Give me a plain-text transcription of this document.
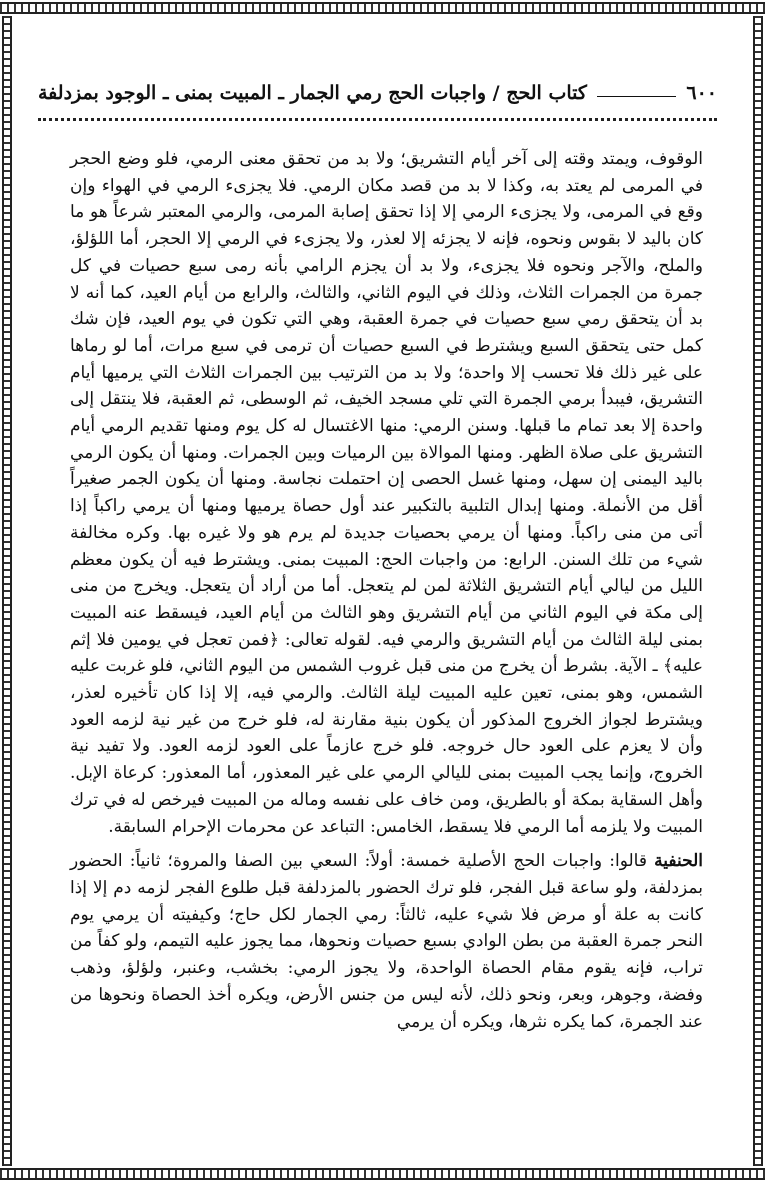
٦٠٠
كتاب الحج / واجبات الحج رمي الجمار ـ المبيت بمنى ـ الوجود بمزدلفة

الوقوف، ويمتد وقته إلى آخر أيام التشريق؛ ولا بد من تحقق معنى الرمي، فلو وضع الحجر في المرمى لم يعتد به، وكذا لا بد من قصد مكان الرمي. فلا يجزىء الرمي في الهواء وإن وقع في المرمى، ولا يجزىء الرمي إلا إذا تحقق إصابة المرمى، والرمي المعتبر شرعاً هو ما كان باليد لا بقوس ونحوه، فإنه لا يجزئه إلا لعذر، ولا يجزىء في الرمي إلا الحجر، أما اللؤلؤ، والملح، والآجر ونحوه فلا يجزىء، ولا بد أن يجزم الرامي بأنه رمى سبع حصيات في كل جمرة من الجمرات الثلاث، وذلك في اليوم الثاني، والثالث، والرابع من أيام العيد، كما أنه لا بد أن يتحقق رمي سبع حصيات في جمرة العقبة، وهي التي تكون في يوم العيد، فإن شك كمل حتى يتحقق السبع ويشترط في السبع حصيات أن ترمى في سبع مرات، أما لو رماها على غير ذلك فلا تحسب إلا واحدة؛ ولا بد من الترتيب بين الجمرات الثلاث التي يرميها أيام التشريق، فيبدأ برمي الجمرة التي تلي مسجد الخيف، ثم الوسطى، ثم العقبة، فلا ينتقل إلى واحدة إلا بعد تمام ما قبلها. وسنن الرمي: منها الاغتسال له كل يوم ومنها تقديم الرمي أيام التشريق على صلاة الظهر. ومنها الموالاة بين الرميات وبين الجمرات. ومنها أن يكون الرمي باليد اليمنى إن سهل، ومنها غسل الحصى إن احتملت نجاسة. ومنها أن يكون الجمر صغيراً أقل من الأنملة. ومنها إبدال التلبية بالتكبير عند أول حصاة يرميها ومنها أن يرمي راكباً إذا أتى من منى راكباً. ومنها أن يرمي بحصيات جديدة لم يرم هو ولا غيره بها. وكره مخالفة شيء من تلك السنن. الرابع: من واجبات الحج: المبيت بمنى. ويشترط فيه أن يكون معظم الليل من ليالي أيام التشريق الثلاثة لمن لم يتعجل. أما من أراد أن يتعجل. ويخرج من منى إلى مكة في اليوم الثاني من أيام التشريق وهو الثالث من أيام العيد، فيسقط عنه المبيت بمنى ليلة الثالث من أيام التشريق والرمي فيه. لقوله تعالى: ﴿فمن تعجل في يومين فلا إثم عليه﴾ ـ الآية. بشرط أن يخرج من منى قبل غروب الشمس من اليوم الثاني، فلو غربت عليه الشمس، وهو بمنى، تعين عليه المبيت ليلة الثالث. والرمي فيه، إلا إذا كان تأخيره لعذر، ويشترط لجواز الخروج المذكور أن يكون بنية مقارنة له، فلو خرج من غير نية لزمه العود وأن لا يعزم على العود حال خروجه. فلو خرج عازماً على العود لزمه العود. ولا تفيد نية الخروج، وإنما يجب المبيت بمنى لليالي الرمي على غير المعذور، أما المعذور: كرعاة الإبل. وأهل السقاية بمكة أو بالطريق، ومن خاف على نفسه وماله من المبيت فيرخص له في ترك المبيت ولا يلزمه أما الرمي فلا يسقط، الخامس: التباعد عن محرمات الإحرام السابقة.

الحنفية قالوا: واجبات الحج الأصلية خمسة: أولاً: السعي بين الصفا والمروة؛ ثانياً: الحضور بمزدلفة، ولو ساعة قبل الفجر، فلو ترك الحضور بالمزدلفة قبل طلوع الفجر لزمه دم إلا إذا كانت به علة أو مرض فلا شيء عليه، ثالثاً: رمي الجمار لكل حاج؛ وكيفيته أن يرمي يوم النحر جمرة العقبة من بطن الوادي بسبع حصيات ونحوها، مما يجوز عليه التيمم، ولو كفاً من تراب، فإنه يقوم مقام الحصاة الواحدة، ولا يجوز الرمي: بخشب، وعنبر، ولؤلؤ، وذهب وفضة، وجوهر، وبعر، ونحو ذلك، لأنه ليس من جنس الأرض، ويكره أخذ الحصاة ونحوها من عند الجمرة، كما يكره نثرها، ويكره أن يرمي
